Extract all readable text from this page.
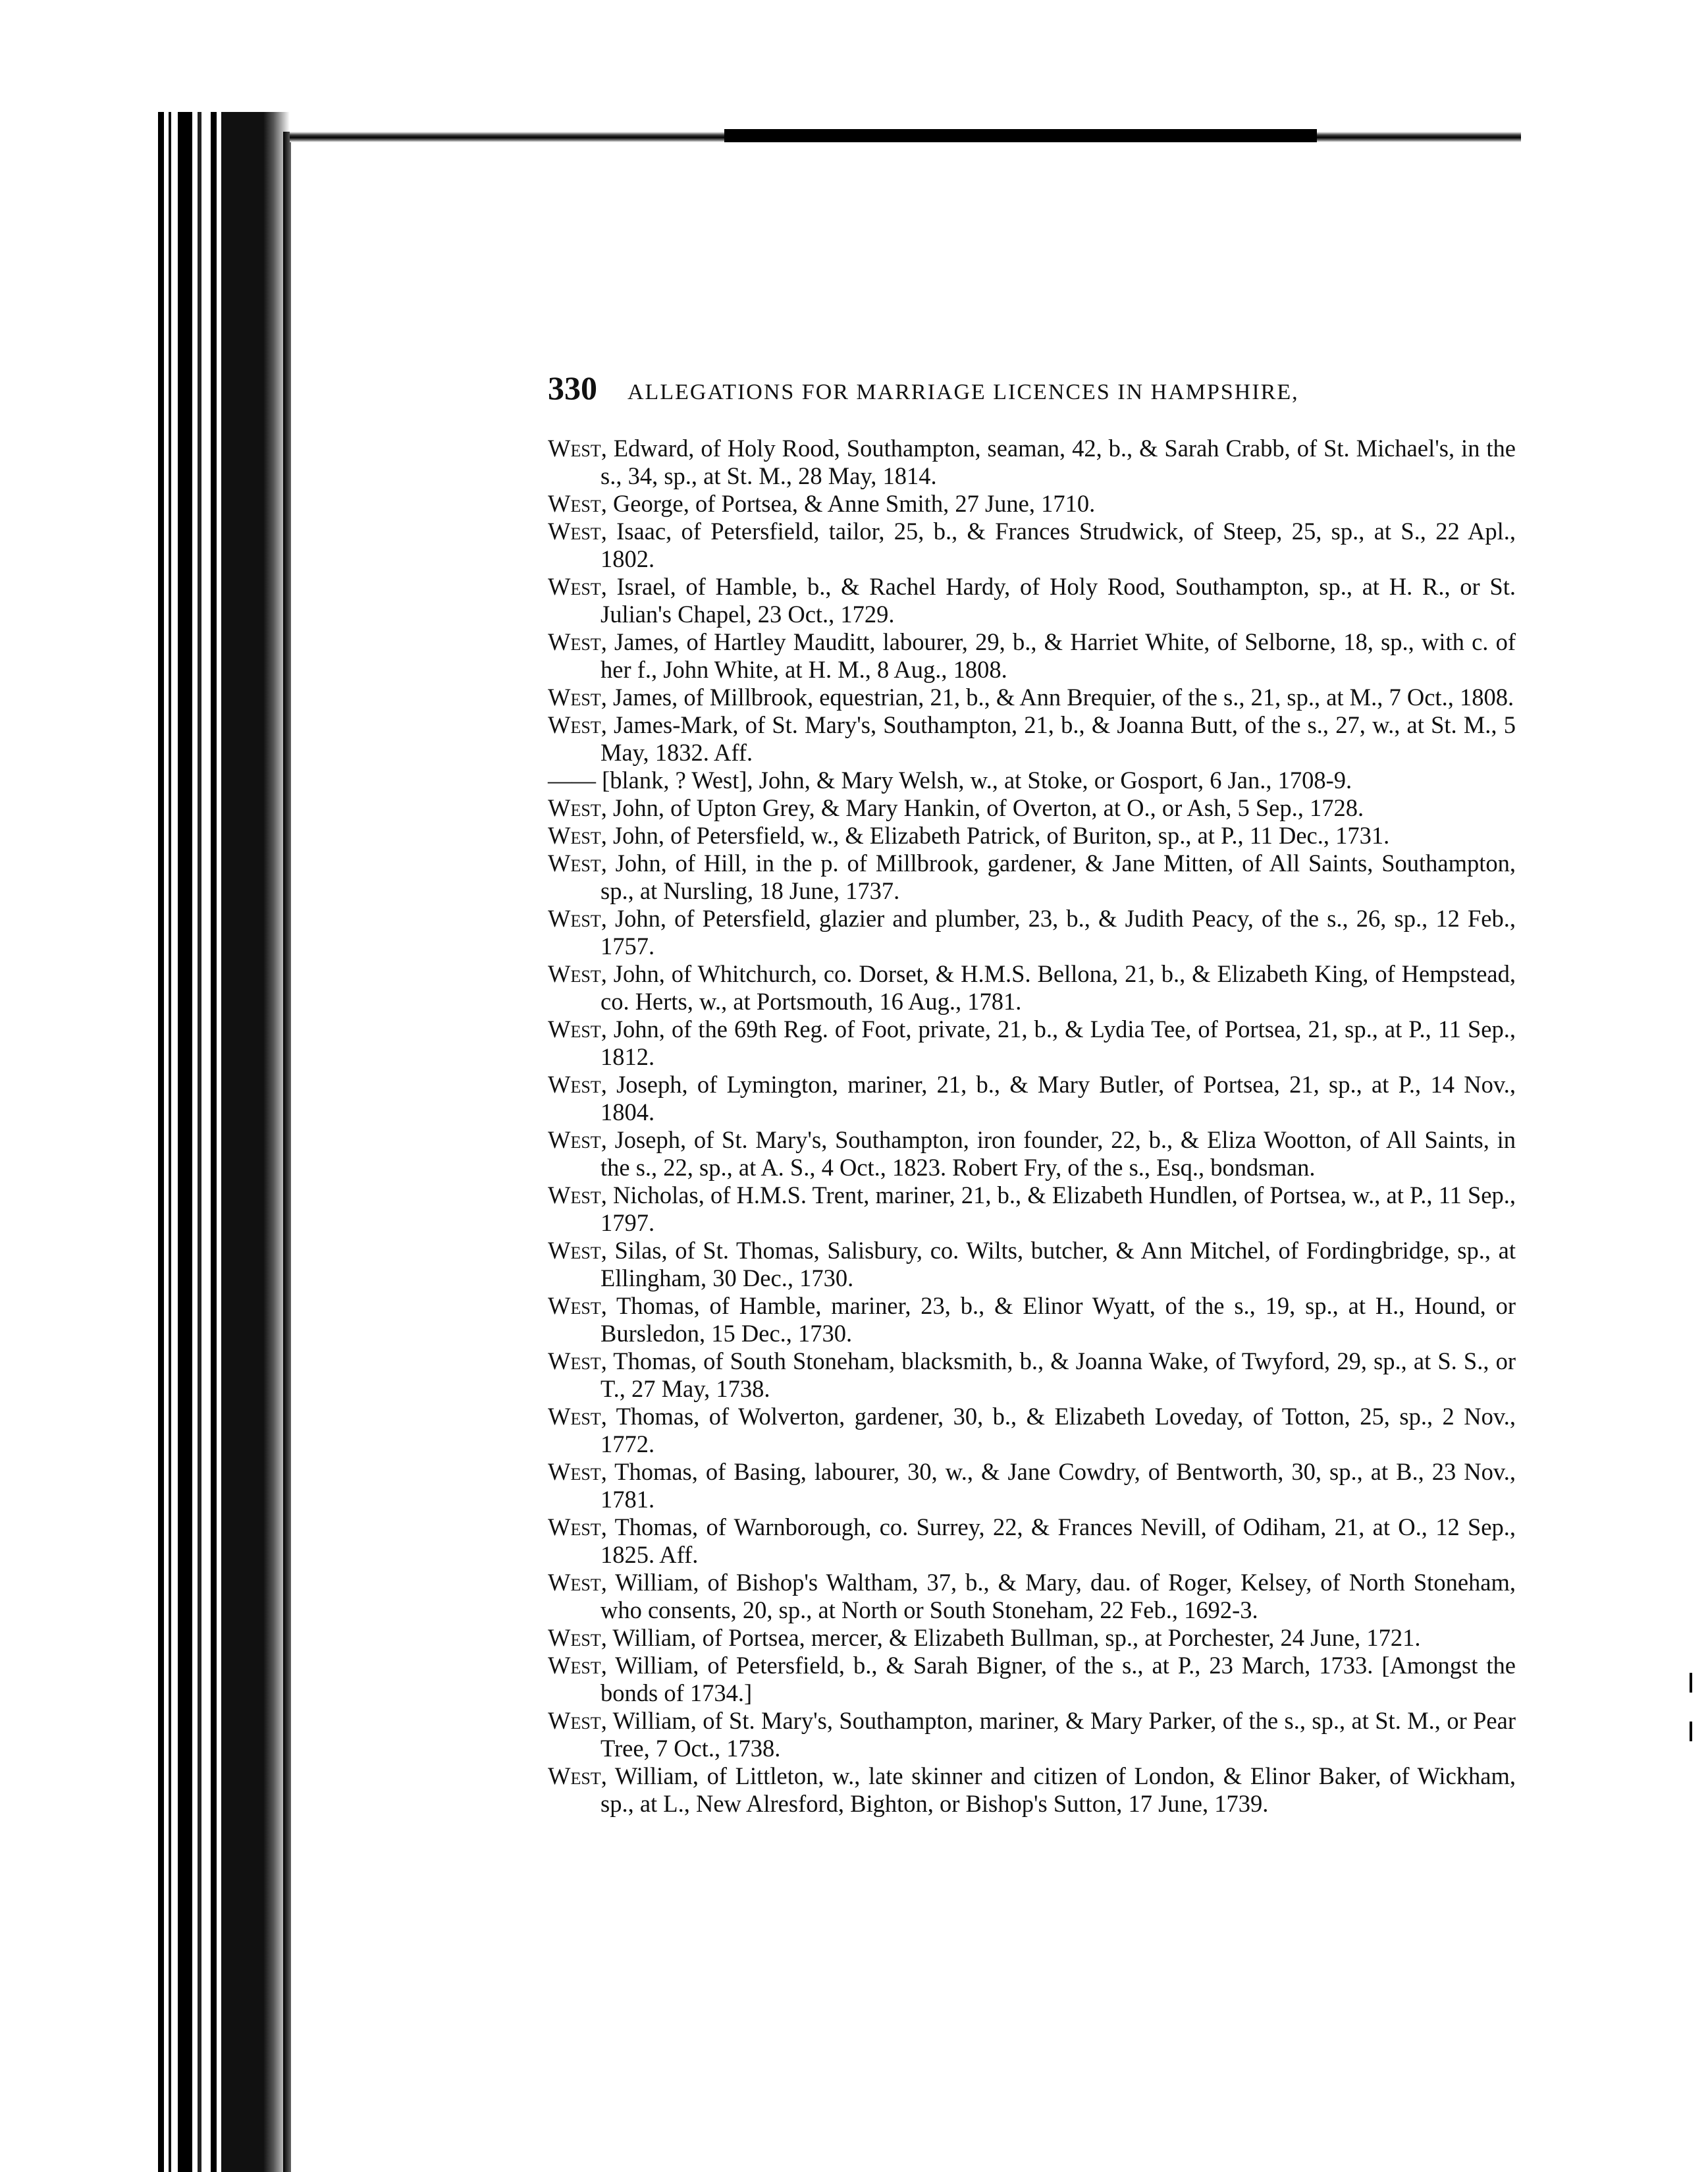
330 ALLEGATIONS FOR MARRIAGE LICENCES IN HAMPSHIRE,
West, Edward, of Holy Rood, Southampton, seaman, 42, b., & Sarah Crabb, of St. Michael's, in the s., 34, sp., at St. M., 28 May, 1814.
West, George, of Portsea, & Anne Smith, 27 June, 1710.
West, Isaac, of Petersfield, tailor, 25, b., & Frances Strudwick, of Steep, 25, sp., at S., 22 Apl., 1802.
West, Israel, of Hamble, b., & Rachel Hardy, of Holy Rood, Southampton, sp., at H. R., or St. Julian's Chapel, 23 Oct., 1729.
West, James, of Hartley Mauditt, labourer, 29, b., & Harriet White, of Selborne, 18, sp., with c. of her f., John White, at H. M., 8 Aug., 1808.
West, James, of Millbrook, equestrian, 21, b., & Ann Brequier, of the s., 21, sp., at M., 7 Oct., 1808.
West, James-Mark, of St. Mary's, Southampton, 21, b., & Joanna Butt, of the s., 27, w., at St. M., 5 May, 1832. Aff.
—— [blank, ? West], John, & Mary Welsh, w., at Stoke, or Gosport, 6 Jan., 1708-9.
West, John, of Upton Grey, & Mary Hankin, of Overton, at O., or Ash, 5 Sep., 1728.
West, John, of Petersfield, w., & Elizabeth Patrick, of Buriton, sp., at P., 11 Dec., 1731.
West, John, of Hill, in the p. of Millbrook, gardener, & Jane Mitten, of All Saints, Southampton, sp., at Nursling, 18 June, 1737.
West, John, of Petersfield, glazier and plumber, 23, b., & Judith Peacy, of the s., 26, sp., 12 Feb., 1757.
West, John, of Whitchurch, co. Dorset, & H.M.S. Bellona, 21, b., & Elizabeth King, of Hempstead, co. Herts, w., at Portsmouth, 16 Aug., 1781.
West, John, of the 69th Reg. of Foot, private, 21, b., & Lydia Tee, of Portsea, 21, sp., at P., 11 Sep., 1812.
West, Joseph, of Lymington, mariner, 21, b., & Mary Butler, of Portsea, 21, sp., at P., 14 Nov., 1804.
West, Joseph, of St. Mary's, Southampton, iron founder, 22, b., & Eliza Wootton, of All Saints, in the s., 22, sp., at A. S., 4 Oct., 1823. Robert Fry, of the s., Esq., bondsman.
West, Nicholas, of H.M.S. Trent, mariner, 21, b., & Elizabeth Hundlen, of Portsea, w., at P., 11 Sep., 1797.
West, Silas, of St. Thomas, Salisbury, co. Wilts, butcher, & Ann Mitchel, of Fordingbridge, sp., at Ellingham, 30 Dec., 1730.
West, Thomas, of Hamble, mariner, 23, b., & Elinor Wyatt, of the s., 19, sp., at H., Hound, or Bursledon, 15 Dec., 1730.
West, Thomas, of South Stoneham, blacksmith, b., & Joanna Wake, of Twyford, 29, sp., at S. S., or T., 27 May, 1738.
West, Thomas, of Wolverton, gardener, 30, b., & Elizabeth Loveday, of Totton, 25, sp., 2 Nov., 1772.
West, Thomas, of Basing, labourer, 30, w., & Jane Cowdry, of Bentworth, 30, sp., at B., 23 Nov., 1781.
West, Thomas, of Warnborough, co. Surrey, 22, & Frances Nevill, of Odiham, 21, at O., 12 Sep., 1825. Aff.
West, William, of Bishop's Waltham, 37, b., & Mary, dau. of Roger, Kelsey, of North Stoneham, who consents, 20, sp., at North or South Stoneham, 22 Feb., 1692-3.
West, William, of Portsea, mercer, & Elizabeth Bullman, sp., at Porchester, 24 June, 1721.
West, William, of Petersfield, b., & Sarah Bigner, of the s., at P., 23 March, 1733. [Amongst the bonds of 1734.]
West, William, of St. Mary's, Southampton, mariner, & Mary Parker, of the s., sp., at St. M., or Pear Tree, 7 Oct., 1738.
West, William, of Littleton, w., late skinner and citizen of London, & Elinor Baker, of Wickham, sp., at L., New Alresford, Bighton, or Bishop's Sutton, 17 June, 1739.
